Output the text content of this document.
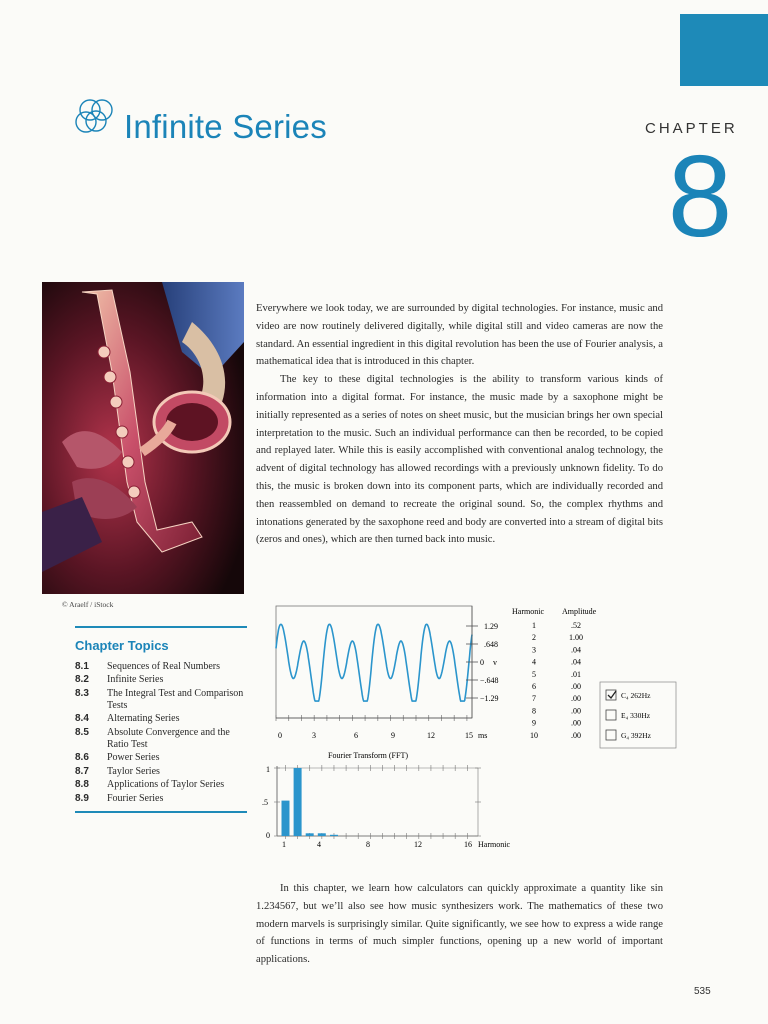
Infinite Series	CHAPTER
8
© Araelf / iStock
Chapter Topics
8.1	Sequences of Real Numbers
8.2	Infinite Series
8.3	The Integral Test and Comparison Tests
8.4	Alternating Series
8.5	Absolute Convergence and the Ratio Test
8.6	Power Series
8.7	Taylor Series
8.8	Applications of Taylor Series
8.9	Fourier Series

Everywhere we look today, we are surrounded by digital technologies. For instance, music and video are now routinely delivered digitally, while digital still and video cameras are now the standard. An essential ingredient in this digital revolution has been the use of Fourier analysis, a mathematical idea that is introduced in this chapter.

The key to these digital technologies is the ability to transform various kinds of information into a digital format. For instance, the music made by a saxophone might be initially represented as a series of notes on sheet music, but the musician brings her own special interpretation to the music. Such an individual performance can then be recorded, to be copied and replayed later. While this is easily accomplished with conventional analog technology, the advent of digital technology has allowed recordings with a previously unknown fidelity. To do this, the music is broken down into its component parts, which are individually recorded and then reassembled on demand to recreate the original sound. So, the complex rhythms and intonations generated by the saxophone reed and body are converted into a stream of digital bits (zeros and ones), which are then turned back into music.

1.29
.648
0 v
−.648
−1.29
0	3	6	9	12	15 ms
Fourier Transform (FFT)
1
.5
0
1	4	8	12	16 Harmonic
Harmonic Amplitude
1	.52
2	1.00
3	.04
4	.04
5	.01
6	.00
7	.00
8	.00
9	.00
10	.00
C₄ 262Hz
E₄ 330Hz
G₄ 392Hz

In this chapter, we learn how calculators can quickly approximate a quantity like sin 1.234567, but we’ll also see how music synthesizers work. The mathematics of these two modern marvels is surprisingly similar. Quite significantly, we see how to express a wide range of functions in terms of much simpler functions, opening up a new world of important applications.

535
